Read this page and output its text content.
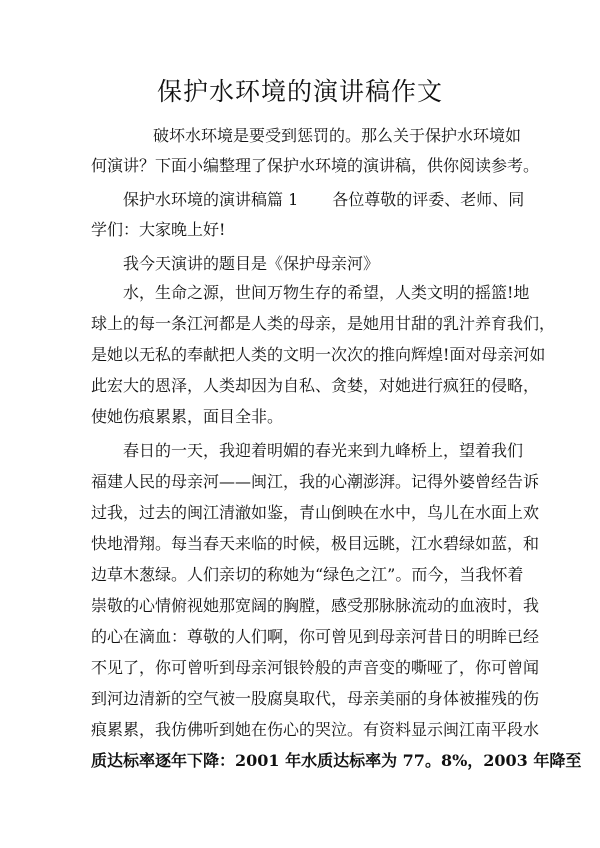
保护水环境的演讲稿作文

破坏水环境是要受到惩罚的。那么关于保护水环境如

何演讲？下面小编整理了保护水环境的演讲稿，供你阅读参考。

保护水环境的演讲稿篇 1 各位尊敬的评委、老师、同

学们：大家晚上好!

我今天演讲的题目是《保护母亲河》

水，生命之源，世间万物生存的希望，人类文明的摇篮!地

球上的每一条江河都是人类的母亲，是她用甘甜的乳汁养育我们，

是她以无私的奉献把人类的文明一次次的推向辉煌!面对母亲河如

此宏大的恩泽，人类却因为自私、贪婪，对她进行疯狂的侵略，

使她伤痕累累，面目全非。

春日的一天，我迎着明媚的春光来到九峰桥上，望着我们

福建人民的母亲河——闽江，我的心潮澎湃。记得外婆曾经告诉

过我，过去的闽江清澈如鉴，青山倒映在水中，鸟儿在水面上欢

快地滑翔。每当春天来临的时候，极目远眺，江水碧绿如蓝，和

边草木葱绿。人们亲切的称她为“绿色之江”。而今，当我怀着

崇敬的心情俯视她那宽阔的胸膛，感受那脉脉流动的血液时，我

的心在滴血：尊敬的人们啊，你可曾见到母亲河昔日的明眸已经

不见了，你可曾听到母亲河银铃般的声音变的嘶哑了，你可曾闻

到河边清新的空气被一股腐臭取代，母亲美丽的身体被摧残的伤

痕累累，我仿佛听到她在伤心的哭泣。有资料显示闽江南平段水

质达标率逐年下降：2001 年水质达标率为 77。8%，2003 年降至
